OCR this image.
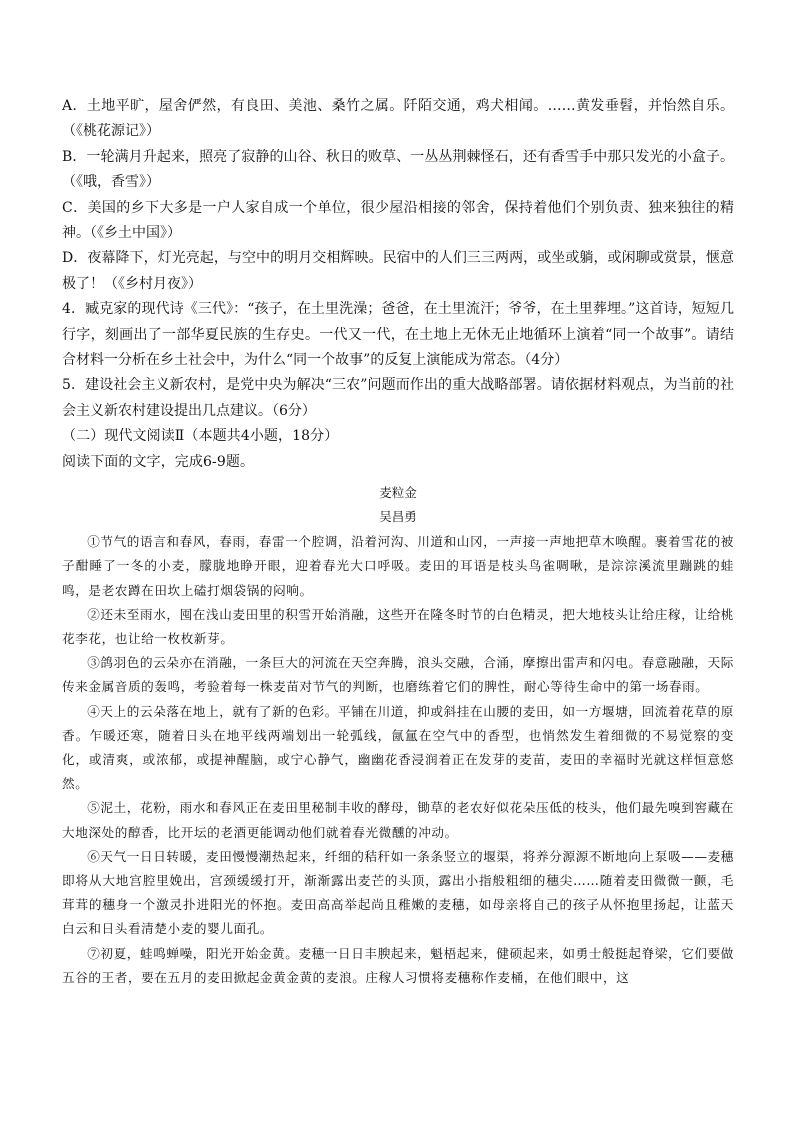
A．土地平旷，屋舍俨然，有良田、美池、桑竹之属。阡陌交通，鸡犬相闻。……黄发垂髫，并怡然自乐。（《桃花源记》）
B．一轮满月升起来，照亮了寂静的山谷、秋日的败草、一丛丛荆棘怪石，还有香雪手中那只发光的小盒子。（《哦，香雪》）
C．美国的乡下大多是一户人家自成一个单位，很少屋沿相接的邻舍，保持着他们个别负责、独来独往的精神。（《乡土中国》）
D．夜幕降下，灯光亮起，与空中的明月交相辉映。民宿中的人们三三两两，或坐或躺，或闲聊或赏景，惬意极了！（《乡村月夜》）
4．臧克家的现代诗《三代》：“孩子，在土里洗澡；爸爸，在土里流汗；爷爷，在土里葬埋。”这首诗，短短几行字，刻画出了一部华夏民族的生存史。一代又一代，在土地上无休无止地循环上演着“同一个故事”。请结合材料一分析在乡土社会中，为什么“同一个故事”的反复上演能成为常态。（4分）
5．建设社会主义新农村，是党中央为解决“三农”问题而作出的重大战略部署。请依据材料观点，为当前的社会主义新农村建设提出几点建议。（6分）
（二）现代文阅读Ⅱ（本题共4小题，18分）
阅读下面的文字，完成6-9题。
麦粒金
吴昌勇

①节气的语言和春风，春雨，春雷一个腔调，沿着河沟、川道和山冈，一声接一声地把草木唤醒。裹着雪花的被子酣睡了一冬的小麦，朦胧地睁开眼，迎着春光大口呼吸。麦田的耳语是枝头鸟雀啁啾，是淙淙溪流里蹦跳的蛙鸣，是老农蹲在田坎上磕打烟袋锅的闷响。

②还未至雨水，囤在浅山麦田里的积雪开始消融，这些开在隆冬时节的白色精灵，把大地枝头让给庄稼，让给桃花李花，也让给一枚枚新芽。

③鸽羽色的云朵亦在消融，一条巨大的河流在天空奔腾，浪头交融，合涌，摩擦出雷声和闪电。春意融融，天际传来金属音质的轰鸣，考验着每一株麦苗对节气的判断，也磨练着它们的脾性，耐心等待生命中的第一场春雨。

④天上的云朵落在地上，就有了新的色彩。平铺在川道，抑或斜挂在山腰的麦田，如一方堰塘，回流着花草的原香。乍暖还寒，随着日头在地平线两端划出一轮弧线，氤氲在空气中的香型，也悄然发生着细微的不易觉察的变化，或清爽，或浓郁，或提神醒脑，或宁心静气，幽幽花香浸润着正在发芽的麦苗，麦田的幸福时光就这样恒意悠然。

⑤泥土，花粉，雨水和春风正在麦田里秘制丰收的酵母，锄草的老农好似花朵压低的枝头，他们最先嗅到窖藏在大地深处的醇香，比开坛的老酒更能调动他们就着春光微醺的冲动。

⑥天气一日日转暖，麦田慢慢潮热起来，纤细的秸秆如一条条竖立的堰渠，将养分源源不断地向上泵吸——麦穗即将从大地宫腔里娩出，宫颈缓缓打开，渐渐露出麦芒的头顶，露出小指般粗细的穗尖……随着麦田微微一颤，毛茸茸的穗身一个激灵扑进阳光的怀抱。麦田高高举起尚且稚嫩的麦穗，如母亲将自己的孩子从怀抱里扬起，让蓝天白云和日头看清楚小麦的婴儿面孔。

⑦初夏，蛙鸣蝉噪，阳光开始金黄。麦穗一日日丰腴起来，魁梧起来，健硕起来，如勇士般挺起脊梁，它们要做五谷的王者，要在五月的麦田掀起金黄金黄的麦浪。庄稼人习惯将麦穗称作麦桶，在他们眼中，这
